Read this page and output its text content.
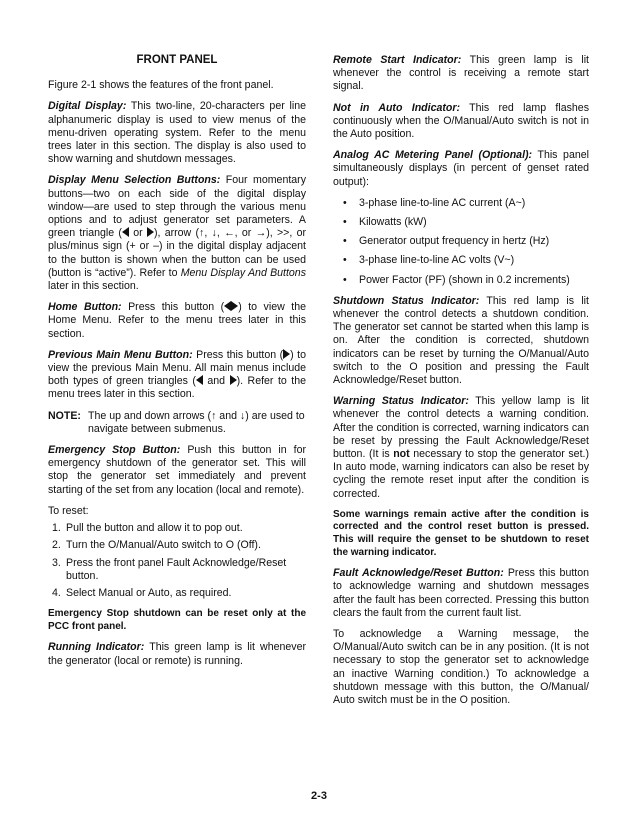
FRONT PANEL

Figure 2-1 shows the features of the front panel.

Digital Display: This two-line, 20-characters per line alphanumeric display is used to view menus of the menu-driven operating system. Refer to the menu trees later in this section. The display is also used to show warning and shutdown messages.

Display Menu Selection Buttons: Four momentary buttons—two on each side of the digital display window—are used to step through the various menu options and to adjust generator set parameters. A green triangle ( or ), arrow (↑, ↓, ←, or →), >>, or plus/minus sign (+ or –) in the digital display adjacent to the button is shown when the button can be used (button is “active”). Refer to Menu Display And Buttons later in this section.

Home Button: Press this button ( ) to view the Home Menu. Refer to the menu trees later in this section.

Previous Main Menu Button: Press this button ( ) to view the previous Main Menu. All main menus include both types of green triangles ( and ). Refer to the menu trees later in this section.

NOTE: The up and down arrows (↑ and ↓) are used to navigate between submenus.

Emergency Stop Button: Push this button in for emergency shutdown of the generator set. This will stop the generator set immediately and prevent starting of the set from any location (local and remote).

To reset:

1. Pull the button and allow it to pop out.
2. Turn the O/Manual/Auto switch to O (Off).
3. Press the front panel Fault Acknowledge/Reset button.
4. Select Manual or Auto, as required.

Emergency Stop shutdown can be reset only at the PCC front panel.

Running Indicator: This green lamp is lit whenever the generator (local or remote) is running.

Remote Start Indicator: This green lamp is lit whenever the control is receiving a remote start signal.

Not in Auto Indicator: This red lamp flashes continuously when the O/Manual/Auto switch is not in the Auto position.

Analog AC Metering Panel (Optional): This panel simultaneously displays (in percent of genset rated output):

•	3-phase line-to-line AC current (A~)
•	Kilowatts (kW)
•	Generator output frequency in hertz (Hz)
•	3-phase line-to-line AC volts (V~)
•	Power Factor (PF) (shown in 0.2 increments)

Shutdown Status Indicator: This red lamp is lit whenever the control detects a shutdown condition. The generator set cannot be started when this lamp is on. After the condition is corrected, shutdown indicators can be reset by turning the O/Manual/Auto switch to the O position and pressing the Fault Acknowledge/Reset button.

Warning Status Indicator: This yellow lamp is lit whenever the control detects a warning condition. After the condition is corrected, warning indicators can be reset by pressing the Fault Acknowledge/Reset button. (It is not necessary to stop the generator set.) In auto mode, warning indicators can also be reset by cycling the remote reset input after the condition is corrected.

Some warnings remain active after the condition is corrected and the control reset button is pressed. This will require the genset to be shutdown to reset the warning indicator.

Fault Acknowledge/Reset Button: Press this button to acknowledge warning and shutdown messages after the fault has been corrected. Pressing this button clears the fault from the current fault list.

To acknowledge a Warning message, the O/Manual/Auto switch can be in any position. (It is not necessary to stop the generator set to acknowledge an inactive Warning condition.) To acknowledge a shutdown message with this button, the O/Manual/ Auto switch must be in the O position.

2-3
